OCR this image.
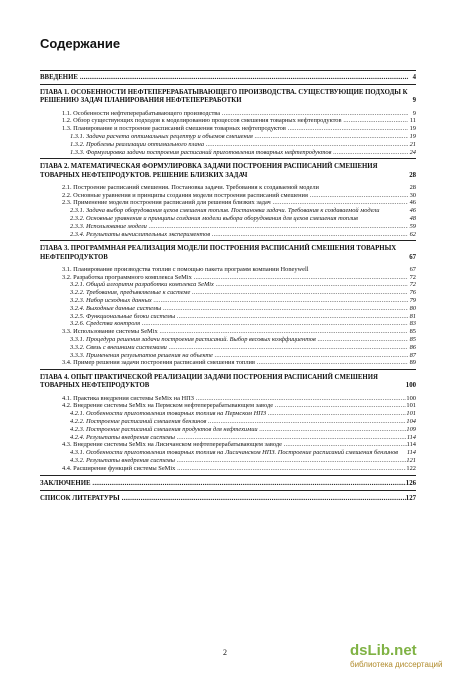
Содержание
ВВЕДЕНИЕ .....	4
ГЛАВА 1. ОСОБЕННОСТИ НЕФТЕПЕРЕРАБАТЫВАЮЩЕГО ПРОИЗВОДСТВА. СУЩЕСТВУЮЩИЕ ПОДХОДЫ К РЕШЕНИЮ ЗАДАЧ ПЛАНИРОВАНИЯ НЕФТЕПЕРЕРАБОТКИ	9
1.1. Особенности нефтеперерабатывающего производства .....	9
1.2. Обзор существующих подходов к моделированию процессов смешения товарных нефтепродуктов .....	11
1.3. Планирование и построение расписаний смешения товарных нефтепродуктов .....	19
1.3.1. Задача расчета оптимальных рецептур и объемов смешения .....	19
1.3.2. Проблемы реализации оптимального плана .....	21
1.3.3. Формулировка задачи построения расписаний приготовления товарных нефтепродуктов .....	24
ГЛАВА 2. МАТЕМАТИЧЕСКАЯ ФОРМУЛИРОВКА ЗАДАЧИ ПОСТРОЕНИЯ РАСПИСАНИЙ СМЕШЕНИЯ ТОВАРНЫХ НЕФТЕПРОДУКТОВ. РЕШЕНИЕ БЛИЗКИХ ЗАДАЧ	28
2.1. Построение расписаний смешения. Постановка задачи. Требования к создаваемой модели	28
2.2. Основные уравнения и принципы создания модели построения расписаний смешения .....	30
2.3. Применение модели построения расписаний для решения близких задач .....	46
2.3.1. Задача выбор оборудования цехов смешения топлив. Постановка задачи. Требования к создаваемой модели	46
2.3.2. Основные уравнения и принципы создания модели выбора оборудования для цехов смешения топлив	48
2.3.3. Использование модели .....	59
2.3.4. Результаты вычислительных экспериментов .....	62
ГЛАВА 3. ПРОГРАММНАЯ РЕАЛИЗАЦИЯ МОДЕЛИ ПОСТРОЕНИЯ РАСПИСАНИЙ СМЕШЕНИЯ ТОВАРНЫХ НЕФТЕПРОДУКТОВ	67
3.1. Планирование производства топлив с помощью пакета программ компании Honeywell	67
3.2. Разработка программного комплекса SeMix .....	72
3.2.1. Общий алгоритм разработки комплекса SeMix .....	72
3.2.2. Требования, предъявляемые к системе .....	76
3.2.3. Набор исходных данных .....	79
3.2.4. Выходные данные системы .....	80
3.2.5. Функциональные блоки системы .....	81
3.2.6. Средства контроля .....	83
3.3. Использование системы SeMix .....	85
3.3.1. Процедура решения задачи построения расписаний. Выбор весовых коэффициентов .....	85
3.3.2. Связь с внешними системами .....	86
3.3.3. Применения результатов решения на объекте .....	87
3.4. Пример решения задачи построения расписаний смешения топлив .....	89
ГЛАВА 4. ОПЫТ ПРАКТИЧЕСКОЙ РЕАЛИЗАЦИИ ЗАДАЧИ ПОСТРОЕНИЯ РАСПИСАНИЙ СМЕШЕНИЯ ТОВАРНЫХ НЕФТЕПРОДУКТОВ	100
4.1. Практика внедрения системы SeMix на НПЗ .....	100
4.2. Внедрение системы SeMix на Пермском нефтеперерабатывающем заводе .....	101
4.2.1. Особенности приготовления товарных топлив на Пермском НПЗ .....	101
4.2.2. Построение расписаний смешения бензинов .....	104
4.2.3. Построение расписаний смешения продуктов для нефтехимии .....	109
4.2.4. Результаты внедрения системы .....	114
4.3. Внедрение системы SeMix на Лисичанском нефтеперерабатывающем заводе .....	114
4.3.1. Особенности приготовления товарных топлив на Лисичанском НПЗ. Построение расписаний смешения бензинов	114
4.3.2. Результаты внедрения системы .....	121
4.4. Расширение функций системы SeMix .....	122
ЗАКЛЮЧЕНИЕ .....	126
СПИСОК ЛИТЕРАТУРЫ .....	127
2	dsLib.net
библиотека диссертаций
